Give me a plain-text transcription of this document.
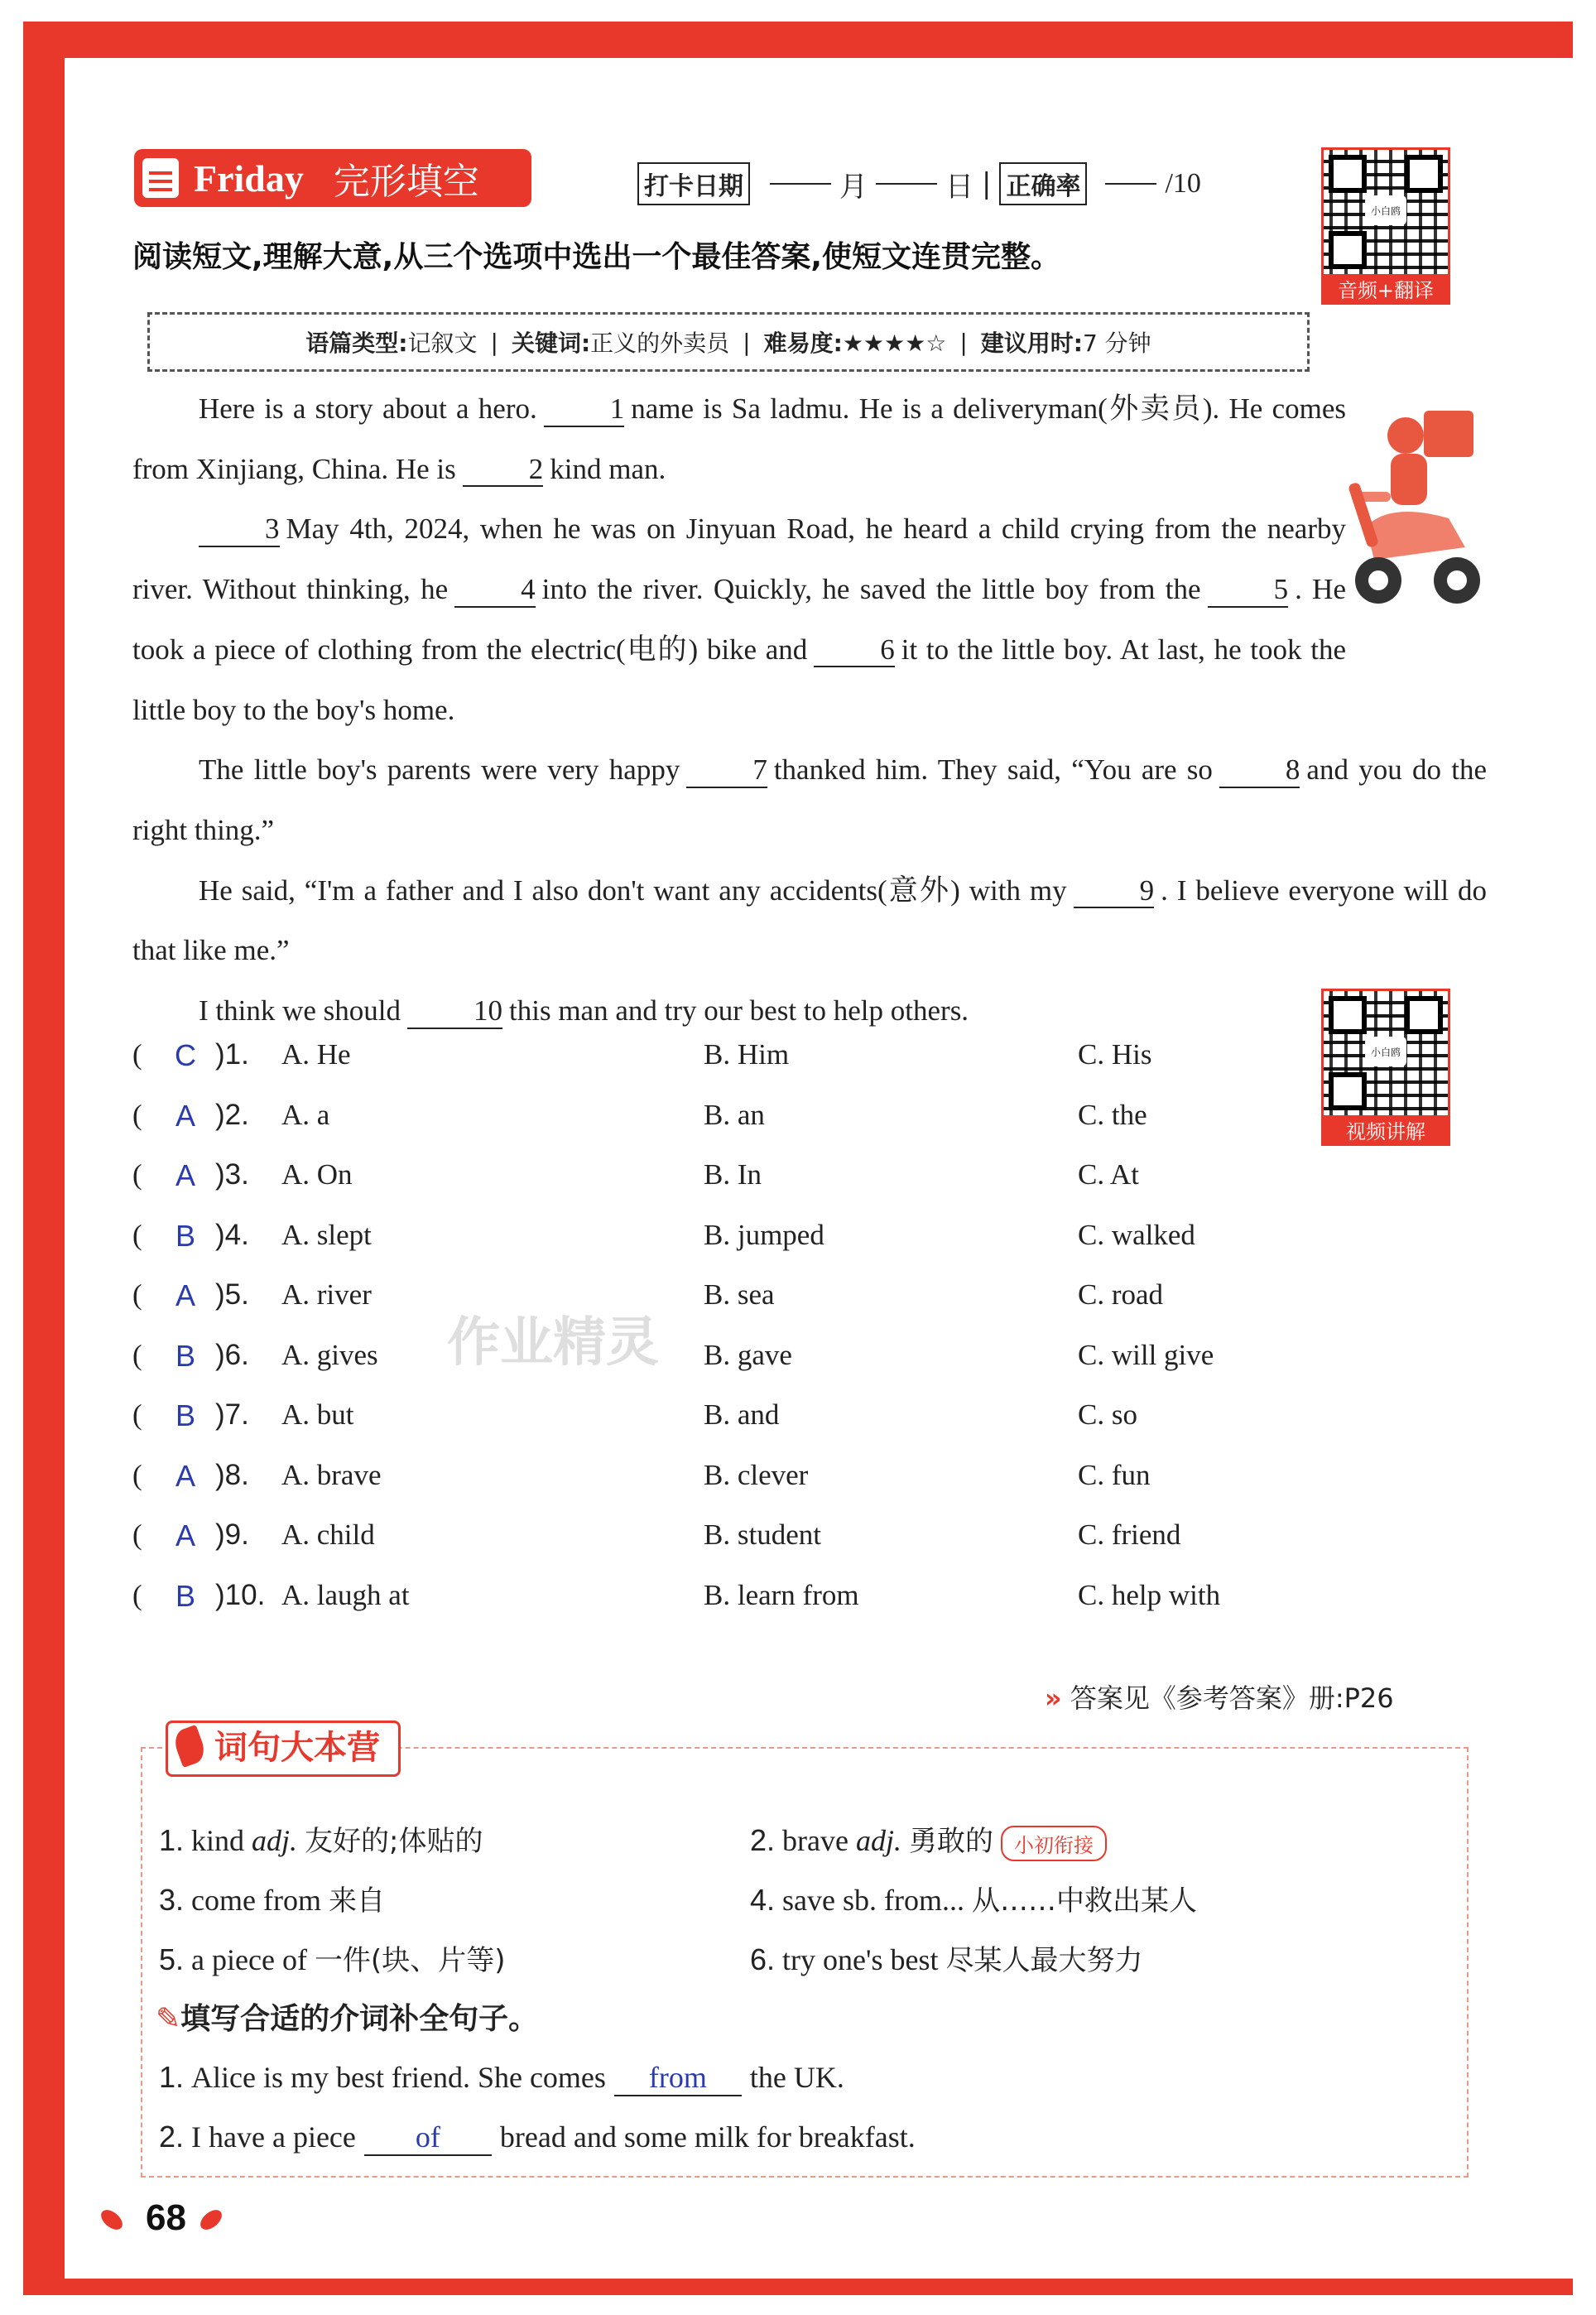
Friday 完形填空	打卡日期	月	日 | 正确率	/10
小白鸥
音频+翻译
阅读短文,理解大意,从三个选项中选出一个最佳答案,使短文连贯完整。
语篇类型:记叙文 | 关键词:正义的外卖员 | 难易度:★★★★☆ | 建议用时:7 分钟

Here is a story about a hero.	1 name is Sa ladmu. He is a deliveryman(外卖员). He comes from Xinjiang, China. He is	2 kind man.

3 May 4th, 2024, when he was on Jinyuan Road, he heard a child crying from the nearby river. Without thinking, he	4 into the river. Quickly, he saved the little boy from the	5 . He took a piece of clothing from the electric(电的) bike and	6 it to the little boy. At last, he took the little boy to the boy's home.

The little boy's parents were very happy	7 thanked him. They said, “You are so	8 and you do the right thing.”

He said, “I'm a father and I also don't want any accidents(意外) with my	9 . I believe everyone will do that like me.”

I think we should	10 this man and try our best to help others.

小白鸥
视频讲解
作业精灵
( C )1. A. He	B. Him	C. His
( A )2. A. a	B. an	C. the
( A )3. A. On	B. In	C. At
( B )4. A. slept	B. jumped	C. walked
( A )5. A. river	B. sea	C. road
( B )6. A. gives	B. gave	C. will give
( B )7. A. but	B. and	C. so
( A )8. A. brave	B. clever	C. fun
( A )9. A. child	B. student	C. friend
( B )10. A. laugh at	B. learn from	C. help with
» 答案见《参考答案》册:P26
词句大本营
1. kind adj. 友好的;体贴的	2. brave adj. 勇敢的 小初衔接
3. come from 来自	4. save sb. from... 从……中救出某人
5. a piece of 一件(块、片等)	6. try one's best 尽某人最大努力
✎填写合适的介词补全句子。
1. Alice is my best friend. She comes from the UK.
2. I have a piece of bread and some milk for breakfast.
68
